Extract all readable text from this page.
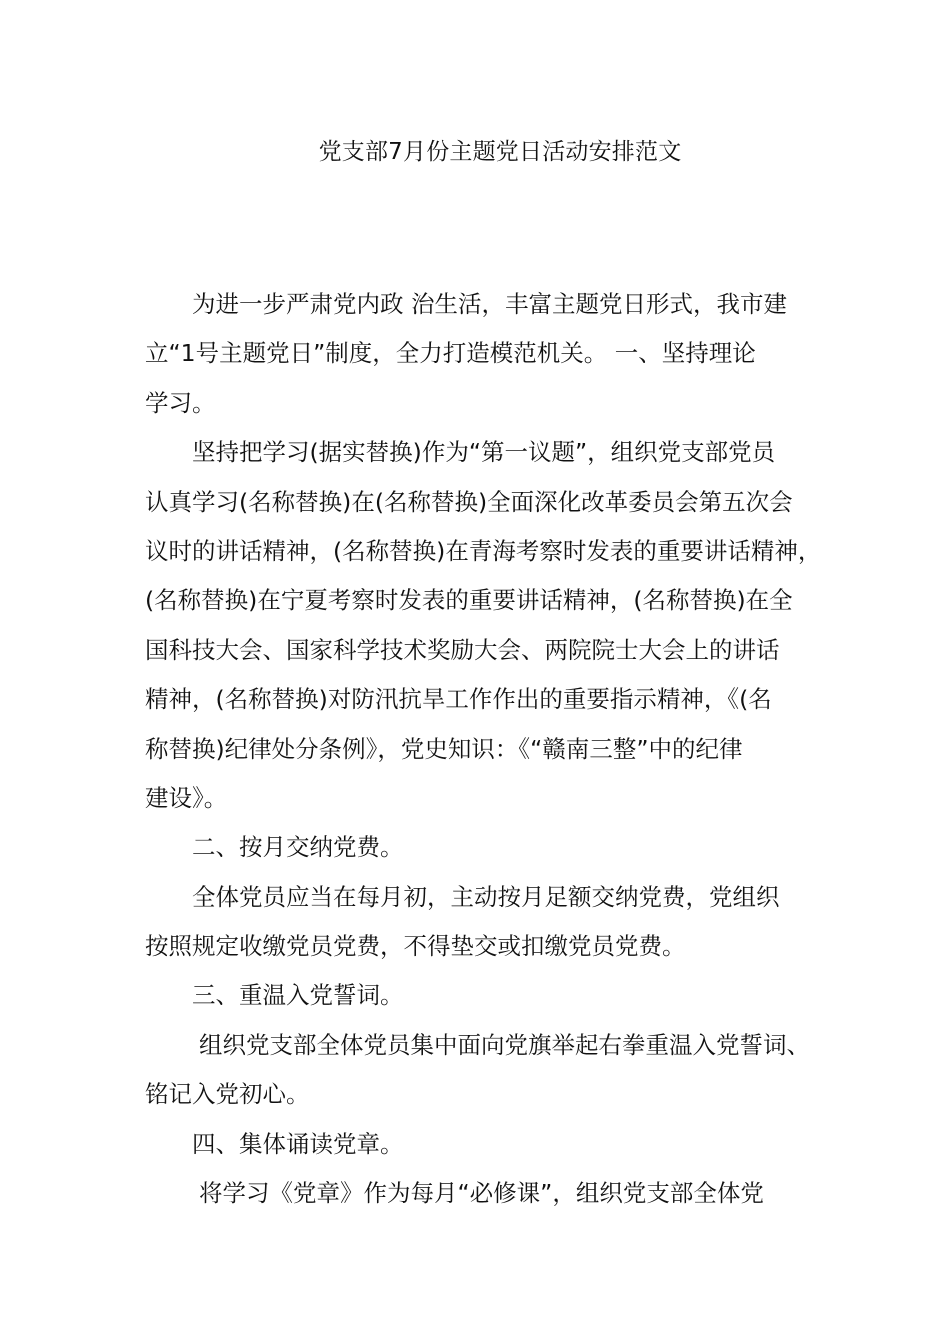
党支部7月份主题党日活动安排范文
为进一步严肃党内政 治生活，丰富主题党日形式，我市建
立“1号主题党日”制度，全力打造模范机关。 一、坚持理论
学习。
坚持把学习(据实替换)作为“第一议题”，组织党支部党员
认真学习(名称替换)在(名称替换)全面深化改革委员会第五次会
议时的讲话精神，(名称替换)在青海考察时发表的重要讲话精神，
(名称替换)在宁夏考察时发表的重要讲话精神，(名称替换)在全
国科技大会、国家科学技术奖励大会、两院院士大会上的讲话
精神，(名称替换)对防汛抗旱工作作出的重要指示精神，《(名
称替换)纪律处分条例》，党史知识：《“赣南三整”中的纪律
建设》。
二、按月交纳党费。
全体党员应当在每月初，主动按月足额交纳党费，党组织
按照规定收缴党员党费，不得垫交或扣缴党员党费。
三、重温入党誓词。
组织党支部全体党员集中面向党旗举起右拳重温入党誓词、
铭记入党初心。
四、集体诵读党章。
将学习《党章》作为每月“必修课”，组织党支部全体党
